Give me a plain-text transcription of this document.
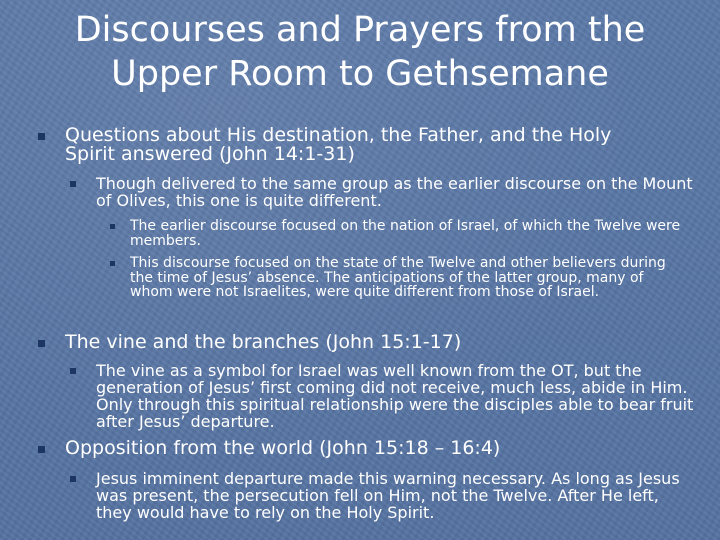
Discourses and Prayers from the Upper Room to Gethsemane
Questions about His destination, the Father, and the Holy Spirit answered (John 14:1-31)
Though delivered to the same group as the earlier discourse on the Mount of Olives, this one is quite different.
The earlier discourse focused on the nation of Israel, of which the Twelve were members.
This discourse focused on the state of the Twelve and other believers during the time of Jesus’ absence. The anticipations of the latter group, many of whom were not Israelites, were quite different from those of Israel.
The vine and the branches (John 15:1-17)
The vine as a symbol for Israel was well known from the OT, but the generation of Jesus’ first coming did not receive, much less, abide in Him. Only through this spiritual relationship were the disciples able to bear fruit after Jesus’ departure.
Opposition from the world (John 15:18 – 16:4)
Jesus imminent departure made this warning necessary. As long as Jesus was present, the persecution fell on Him, not the Twelve. After He left, they would have to rely on the Holy Spirit.
